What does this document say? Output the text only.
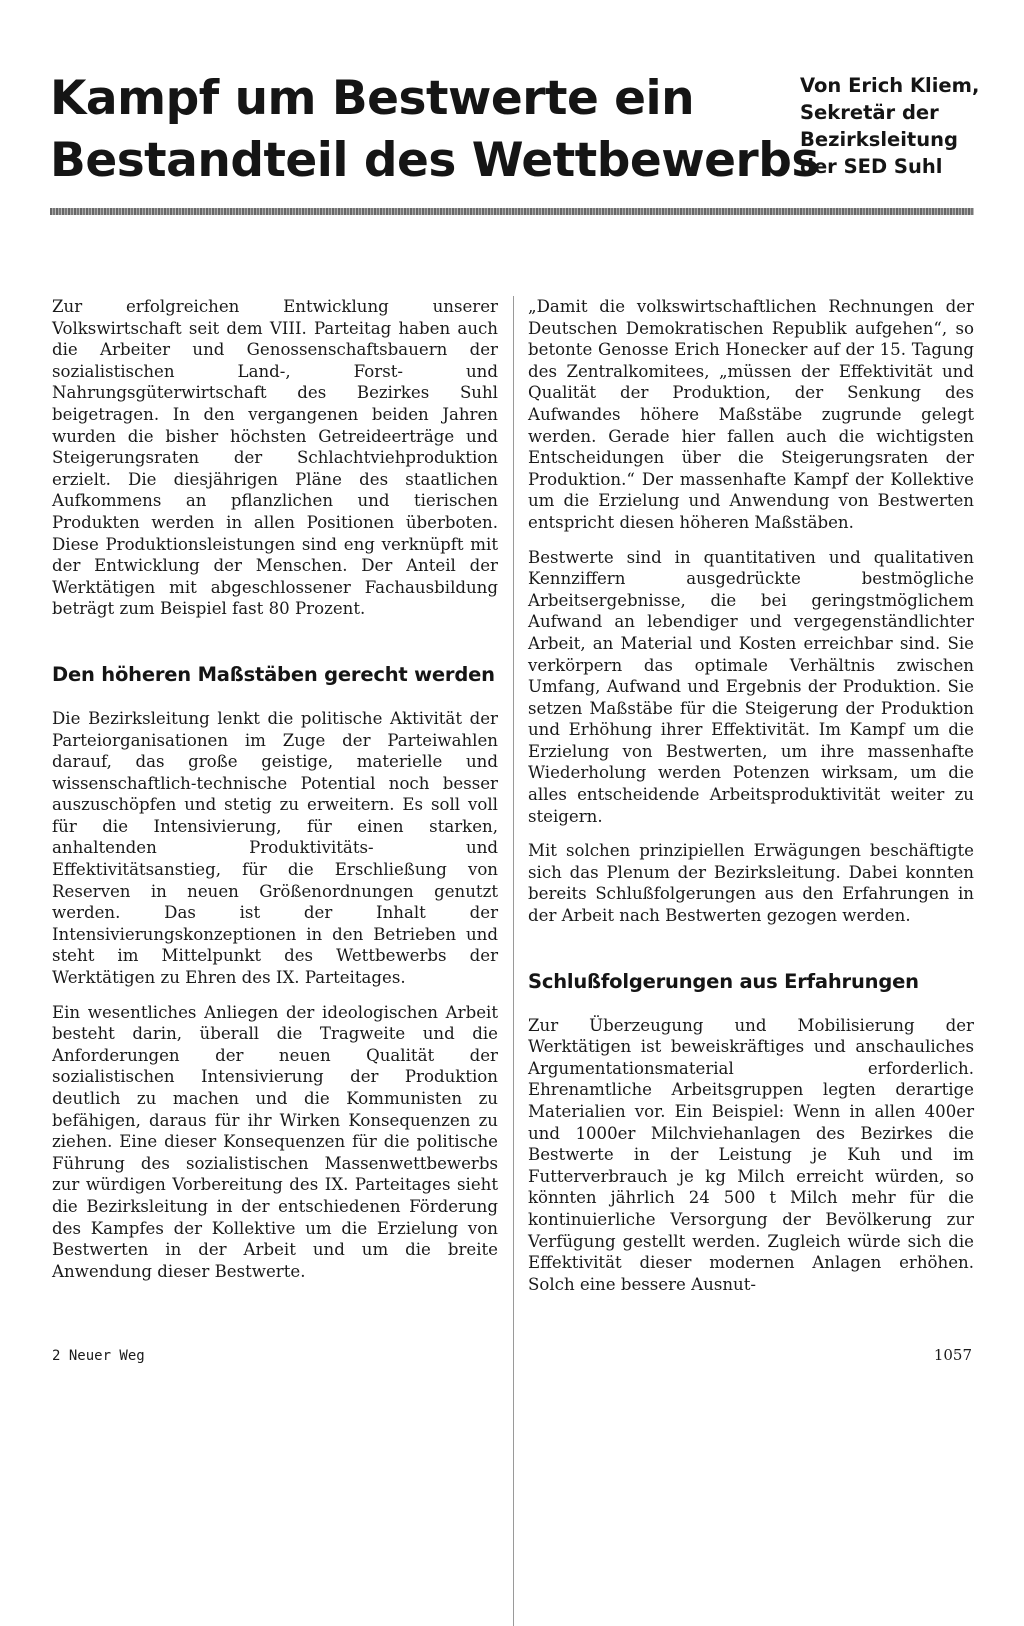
Kampf um Bestwerte ein
Bestandteil des Wettbewerbs
Von Erich Kliem,
Sekretär der
Bezirksleitung
der SED Suhl

Zur erfolgreichen Entwicklung unserer Volkswirtschaft seit dem VIII. Parteitag haben auch die Arbeiter und Genossenschaftsbauern der sozialistischen Land-, Forst- und Nahrungsgüterwirtschaft des Bezirkes Suhl beigetragen. In den vergangenen beiden Jahren wurden die bisher höchsten Getreideerträge und Steigerungsraten der Schlachtviehproduktion erzielt. Die diesjährigen Pläne des staatlichen Aufkommens an pflanzlichen und tierischen Produkten werden in allen Positionen überboten. Diese Produktionsleistungen sind eng verknüpft mit der Entwicklung der Menschen. Der Anteil der Werktätigen mit abgeschlossener Fachausbildung beträgt zum Beispiel fast 80 Prozent.

Den höheren Maßstäben gerecht werden

Die Bezirksleitung lenkt die politische Aktivität der Parteiorganisationen im Zuge der Parteiwahlen darauf, das große geistige, materielle und wissenschaftlich-technische Potential noch besser auszuschöpfen und stetig zu erweitern. Es soll voll für die Intensivierung, für einen starken, anhaltenden Produktivitäts- und Effektivitätsanstieg, für die Erschließung von Reserven in neuen Größenordnungen genutzt werden. Das ist der Inhalt der Intensivierungskonzeptionen in den Betrieben und steht im Mittelpunkt des Wettbewerbs der Werktätigen zu Ehren des IX. Parteitages.

Ein wesentliches Anliegen der ideologischen Arbeit besteht darin, überall die Tragweite und die Anforderungen der neuen Qualität der sozialistischen Intensivierung der Produktion deutlich zu machen und die Kommunisten zu befähigen, daraus für ihr Wirken Konsequenzen zu ziehen. Eine dieser Konsequenzen für die politische Führung des sozialistischen Massenwettbewerbs zur würdigen Vorbereitung des IX. Parteitages sieht die Bezirksleitung in der entschiedenen Förderung des Kampfes der Kollektive um die Erzielung von Bestwerten in der Arbeit und um die breite Anwendung dieser Bestwerte.

„Damit die volkswirtschaftlichen Rechnungen der Deutschen Demokratischen Republik aufgehen“, so betonte Genosse Erich Honecker auf der 15. Tagung des Zentralkomitees, „müssen der Effektivität und Qualität der Produktion, der Senkung des Aufwandes höhere Maßstäbe zugrunde gelegt werden. Gerade hier fallen auch die wichtigsten Entscheidungen über die Steigerungsraten der Produktion.“ Der massenhafte Kampf der Kollektive um die Erzielung und Anwendung von Bestwerten entspricht diesen höheren Maßstäben.

Bestwerte sind in quantitativen und qualitativen Kennziffern ausgedrückte bestmögliche Arbeitsergebnisse, die bei geringstmöglichem Aufwand an lebendiger und vergegenständlichter Arbeit, an Material und Kosten erreichbar sind. Sie verkörpern das optimale Verhältnis zwischen Umfang, Aufwand und Ergebnis der Produktion. Sie setzen Maßstäbe für die Steigerung der Produktion und Erhöhung ihrer Effektivität. Im Kampf um die Erzielung von Bestwerten, um ihre massenhafte Wiederholung werden Potenzen wirksam, um die alles entscheidende Arbeitsproduktivität weiter zu steigern.

Mit solchen prinzipiellen Erwägungen beschäftigte sich das Plenum der Bezirksleitung. Dabei konnten bereits Schlußfolgerungen aus den Erfahrungen in der Arbeit nach Bestwerten gezogen werden.

Schlußfolgerungen aus Erfahrungen

Zur Überzeugung und Mobilisierung der Werktätigen ist beweiskräftiges und anschauliches Argumentationsmaterial erforderlich. Ehrenamtliche Arbeitsgruppen legten derartige Materialien vor. Ein Beispiel: Wenn in allen 400er und 1000er Milchviehanlagen des Bezirkes die Bestwerte in der Leistung je Kuh und im Futterverbrauch je kg Milch erreicht würden, so könnten jährlich 24 500 t Milch mehr für die kontinuierliche Versorgung der Bevölkerung zur Verfügung gestellt werden. Zugleich würde sich die Effektivität dieser modernen Anlagen erhöhen. Solch eine bessere Ausnut-

2 Neuer Weg	1057
